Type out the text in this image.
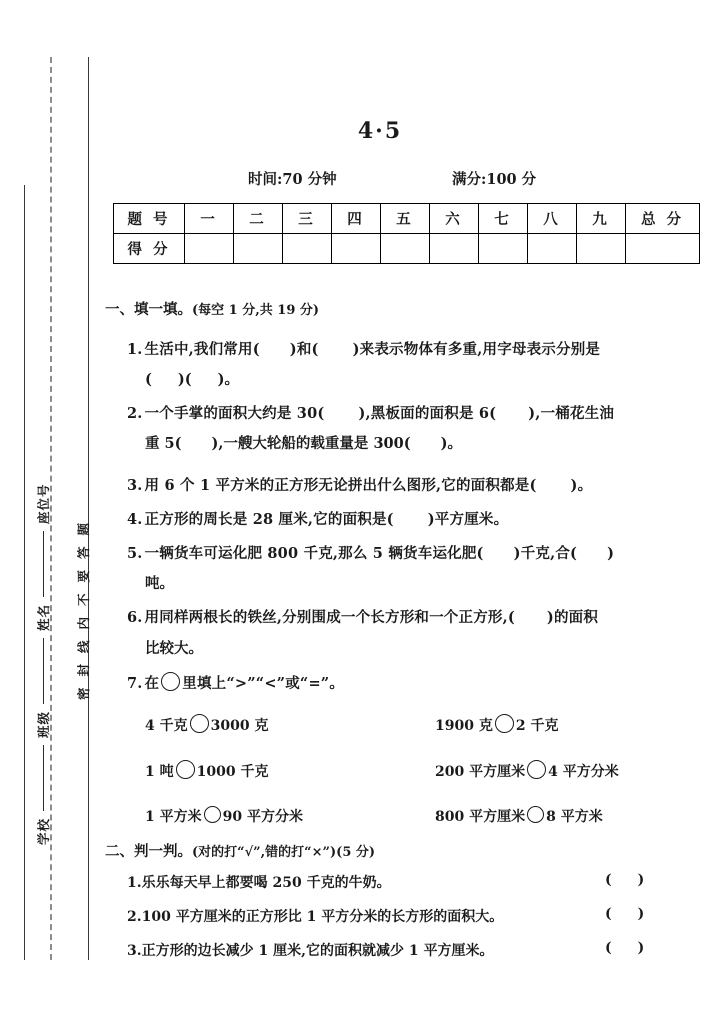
学校班级姓名座位号
密封线内不要答题
4·5
时间:70 分钟	满分:100 分
题 号	一	二	三	四	五	六	七	八	九	总 分
得 分										
一、填一填。(每空 1 分,共 19 分)
1. 生活中,我们常用( )和( )来表示物体有多重,用字母表示分别是
( )( )。
2. 一个手掌的面积大约是 30( ),黑板面的面积是 6( ),一桶花生油
重 5( ),一艘大轮船的载重量是 300( )。
3. 用 6 个 1 平方米的正方形无论拼出什么图形,它的面积都是( )。
4. 正方形的周长是 28 厘米,它的面积是( )平方厘米。
5. 一辆货车可运化肥 800 千克,那么 5 辆货车运化肥( )千克,合( )
吨。
6. 用同样两根长的铁丝,分别围成一个长方形和一个正方形,( )的面积
比较大。
7. 在 里填上“>”“<”或“=”。
4 千克 3000 克	1900 克 2 千克
1 吨 1000 千克	200 平方厘米 4 平方分米
1 平方米 90 平方分米	800 平方厘米 8 平方米
二、判一判。(对的打“√”,错的打“×”)(5 分)
1.乐乐每天早上都要喝 250 千克的牛奶。	( )
2.100 平方厘米的正方形比 1 平方分米的长方形的面积大。	( )
3.正方形的边长减少 1 厘米,它的面积就减少 1 平方厘米。	( )
